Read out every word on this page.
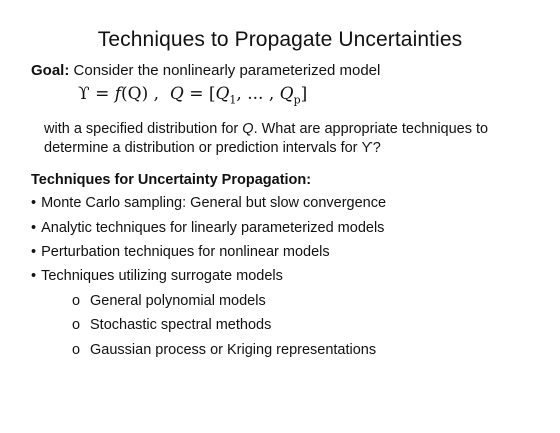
Techniques to Propagate Uncertainties
Goal: Consider the nonlinearly parameterized model
ϒ = f(Q) , $Q = [Q_1$, ... , $Q_p$]
with a specified distribution for Q. What are appropriate techniques to
determine a distribution or prediction intervals for ϒ?
Techniques for Uncertainty Propagation:
• Monte Carlo sampling: General but slow convergence
• Analytic techniques for linearly parameterized models
• Perturbation techniques for nonlinear models
• Techniques utilizing surrogate models
o General polynomial models
o Stochastic spectral methods
o Gaussian process or Kriging representations
